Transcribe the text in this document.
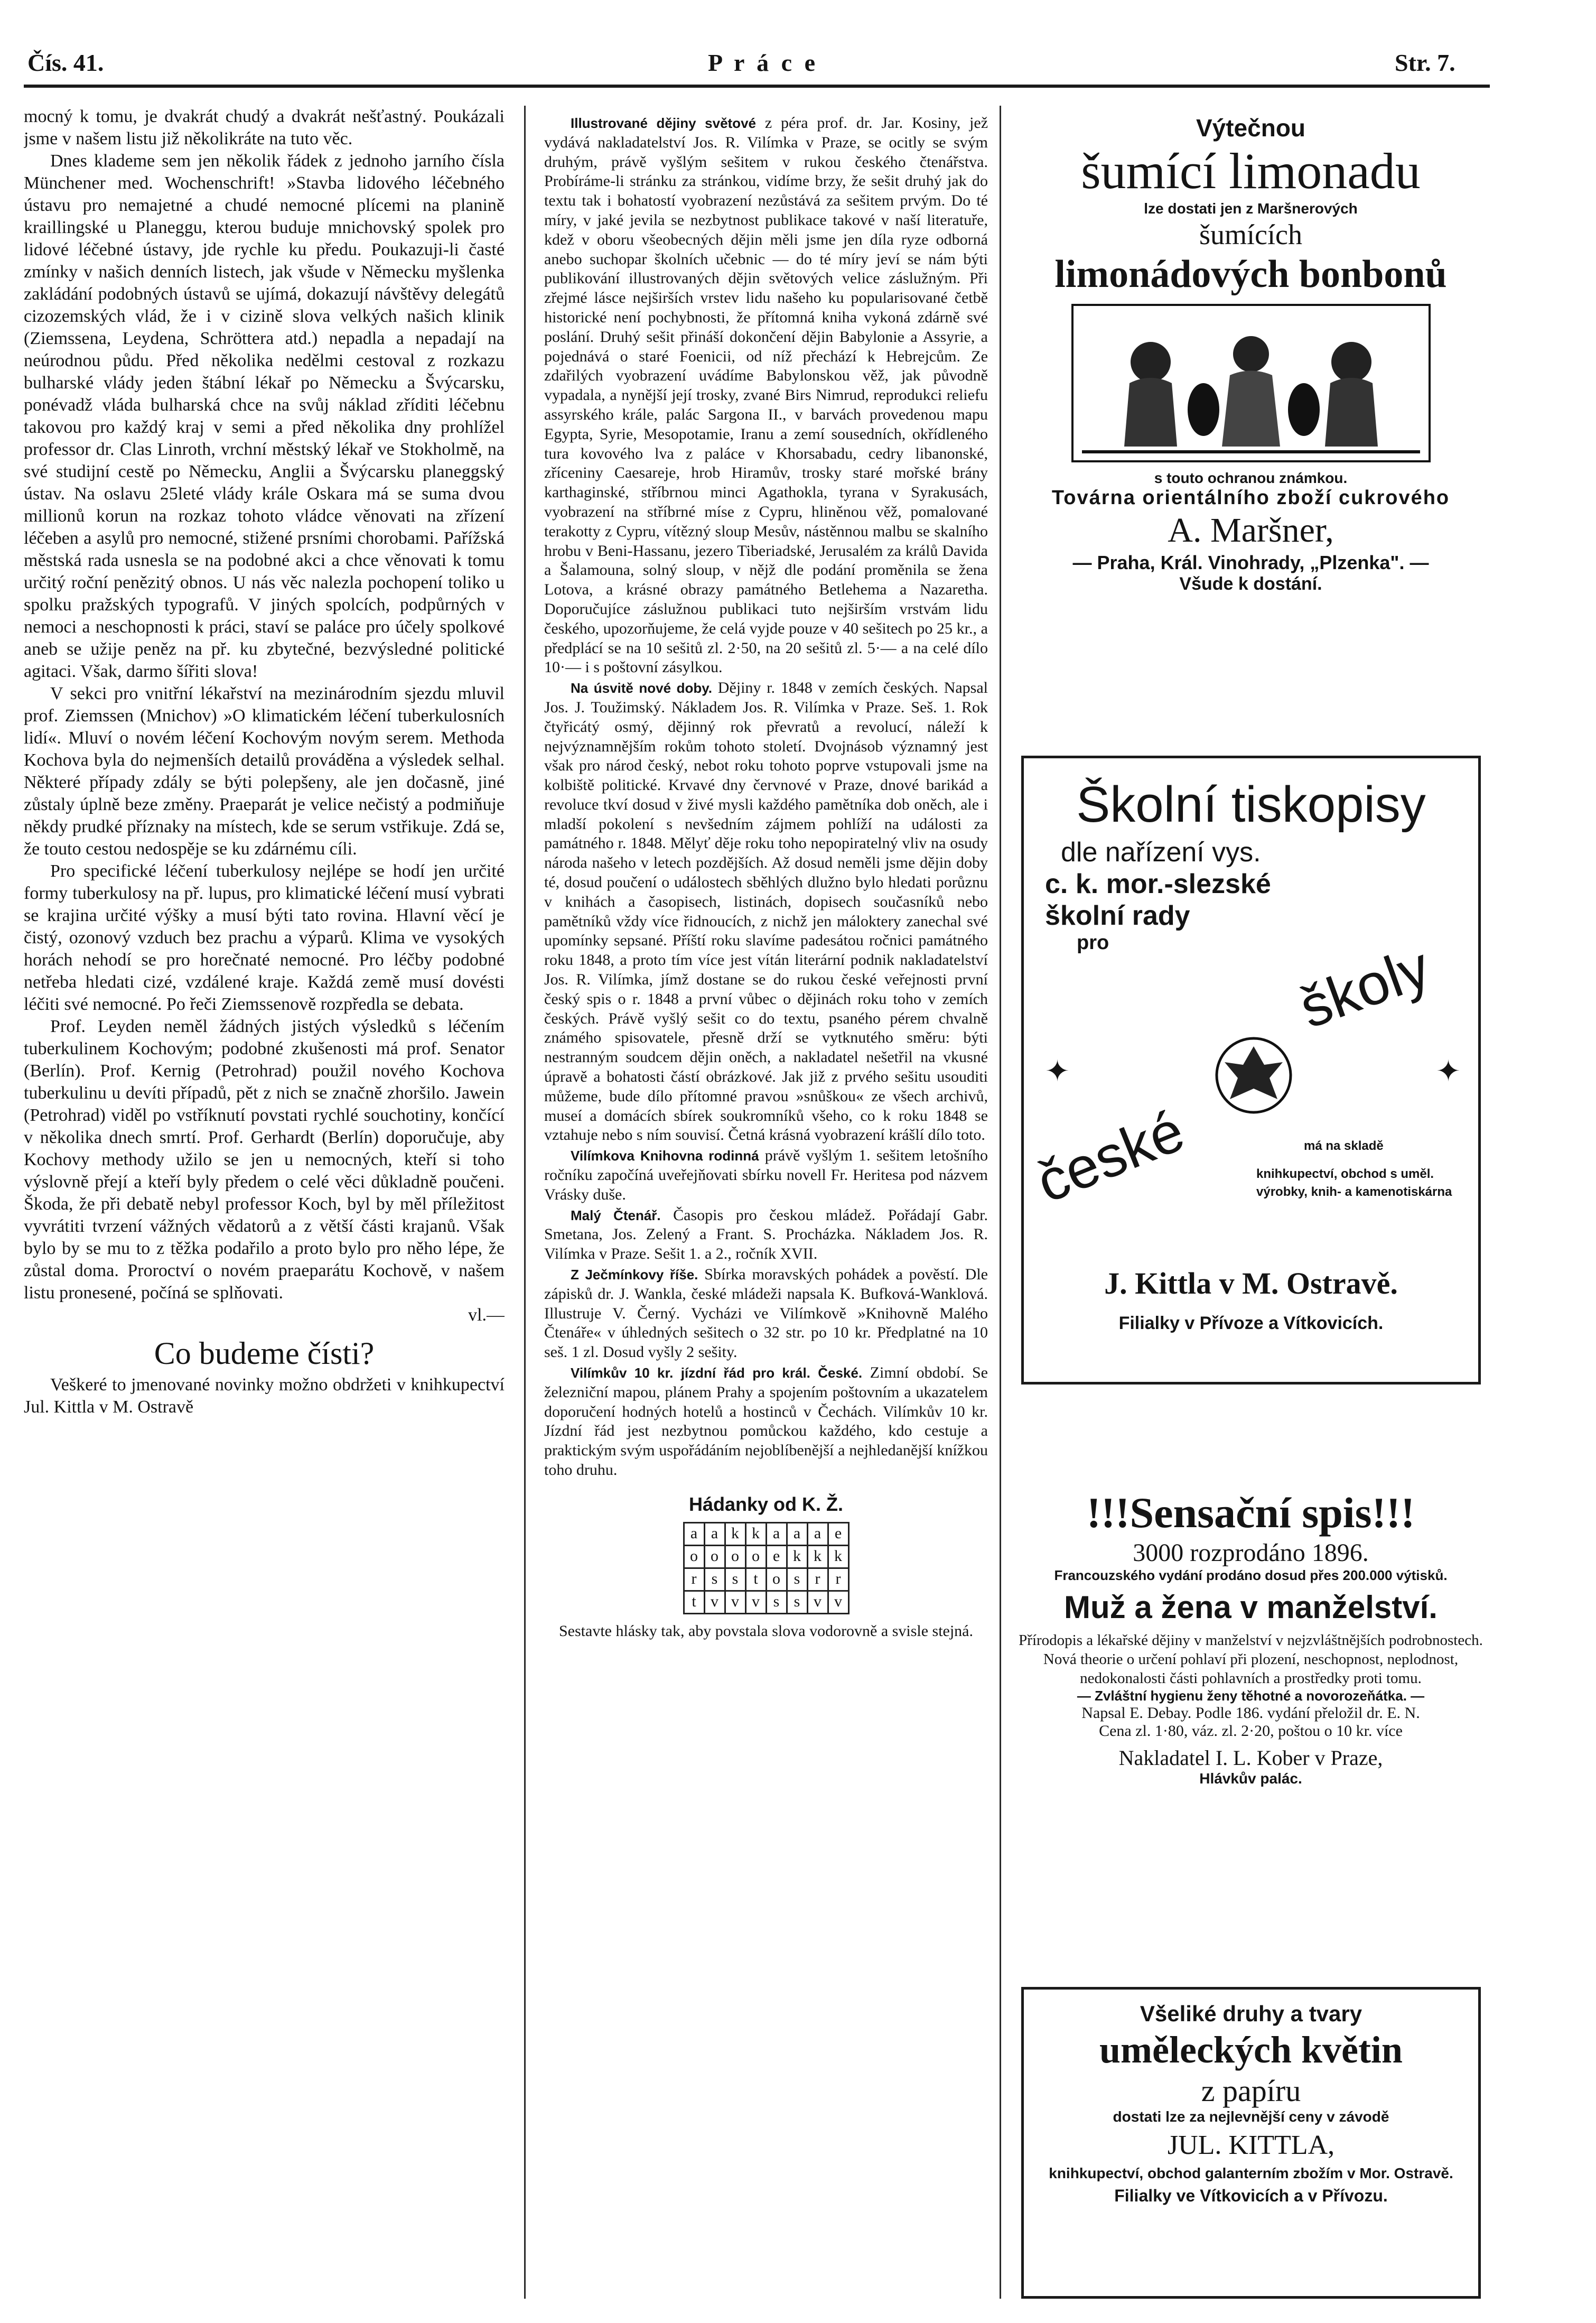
Čís. 41.	P r á c e	Str. 7.

mocný k tomu, je dvakrát chudý a dvakrát nešťastný. Poukázali jsme v našem listu již několikráte na tuto věc.

Dnes klademe sem jen několik řádek z jednoho jarního čísla Münchener med. Wochenschrift! »Stavba lidového léčebného ústavu pro nemajetné a chudé nemocné plícemi na planině kraillingské u Planeggu, kterou buduje mnichovský spolek pro lidové léčebné ústavy, jde rychle ku předu. Poukazuji-li časté zmínky v našich denních listech, jak všude v Německu myšlenka zakládání podobných ústavů se ujímá, dokazují návštěvy delegátů cizozemských vlád, že i v cizině slova velkých našich klinik (Ziemssena, Leydena, Schröttera atd.) nepadla a nepadají na neúrodnou půdu. Před několika nedělmi cestoval z rozkazu bulharské vlády jeden štábní lékař po Německu a Švýcarsku, ponévadž vláda bulharská chce na svůj náklad zříditi léčebnu takovou pro každý kraj v semi a před několika dny prohlížel professor dr. Clas Linroth, vrchní městský lékař ve Stokholmě, na své studijní cestě po Německu, Anglii a Švýcarsku planeggský ústav. Na oslavu 25leté vlády krále Oskara má se suma dvou millionů korun na rozkaz tohoto vládce věnovati na zřízení léčeben a asylů pro nemocné, stižené prsními chorobami. Pařížská městská rada usnesla se na podobné akci a chce věnovati k tomu určitý roční penězitý obnos. U nás věc nalezla pochopení toliko u spolku pražských typografů. V jiných spolcích, podpůrných v nemoci a neschopnosti k práci, staví se paláce pro účely spolkové aneb se užije peněz na př. ku zbytečné, bezvýsledné politické agitaci. Však, darmo šířiti slova!

V sekci pro vnitřní lékařství na mezinárodním sjezdu mluvil prof. Ziemssen (Mnichov) »O klimatickém léčení tuberkulosních lidí«. Mluví o novém léčení Kochovým novým serem. Methoda Kochova byla do nejmenších detailů prováděna a výsledek selhal. Některé případy zdály se býti polepšeny, ale jen dočasně, jiné zůstaly úplně beze změny. Praeparát je velice nečistý a podmiňuje někdy prudké příznaky na místech, kde se serum vstřikuje. Zdá se, že touto cestou nedospěje se ku zdárnému cíli.

Pro specifické léčení tuberkulosy nejlépe se hodí jen určité formy tuberkulosy na př. lupus, pro klimatické léčení musí vybrati se krajina určité výšky a musí býti tato rovina. Hlavní věcí je čistý, ozonový vzduch bez prachu a výparů. Klima ve vysokých horách nehodí se pro horečnaté nemocné. Pro léčby podobné netřeba hledati cizé, vzdálené kraje. Každá země musí dovésti léčiti své nemocné. Po řeči Ziemssenově rozpředla se debata.

Prof. Leyden neměl žádných jistých výsledků s léčením tuberkulinem Kochovým; podobné zkušenosti má prof. Senator (Berlín). Prof. Kernig (Petrohrad) použil nového Kochova tuberkulinu u devíti případů, pět z nich se značně zhoršilo. Jawein (Petrohrad) viděl po vstříknutí povstati rychlé souchotiny, končící v několika dnech smrtí. Prof. Gerhardt (Berlín) doporučuje, aby Kochovy methody užilo se jen u nemocných, kteří si toho výslovně přejí a kteří byly předem o celé věci důkladně poučeni. Škoda, že při debatě nebyl professor Koch, byl by měl příležitost vyvrátiti tvrzení vážných vědatorů a z větší části krajanů. Však bylo by se mu to z těžka podařilo a proto bylo pro něho lépe, že zůstal doma. Proroctví o novém praeparátu Kochově, v našem listu pronesené, počíná se splňovati.

vl.—
Co budeme čísti?

Veškeré to jmenované novinky možno obdržeti v knihkupectví Jul. Kittla v M. Ostravě

Illustrované dějiny světové z péra prof. dr. Jar. Kosiny, jež vydává nakladatelství Jos. R. Vilímka v Praze, se ocitly se svým druhým, právě vyšlým sešitem v rukou českého čtenářstva. Probíráme-li stránku za stránkou, vidíme brzy, že sešit druhý jak do textu tak i bohatostí vyobrazení nezůstává za sešitem prvým. Do té míry, v jaké jevila se nezbytnost publikace takové v naší literatuře, kdež v oboru všeobecných dějin měli jsme jen díla ryze odborná anebo suchopar školních učebnic — do té míry jeví se nám býti publikování illustrovaných dějin světových velice záslužným. Při zřejmé lásce nejširších vrstev lidu našeho ku popularisované četbě historické není pochybnosti, že přítomná kniha vykoná zdárně své poslání. Druhý sešit přináší dokončení dějin Babylonie a Assyrie, a pojednává o staré Foenicii, od níž přechází k Hebrejcům. Ze zdařilých vyobrazení uvádíme Babylonskou věž, jak původně vypadala, a nynější její trosky, zvané Birs Nimrud, reprodukci reliefu assyrského krále, palác Sargona II., v barvách provedenou mapu Egypta, Syrie, Mesopotamie, Iranu a zemí sousedních, okřídleného tura kovového lva z paláce v Khorsabadu, cedry libanonské, zříceniny Caesareje, hrob Hiramův, trosky staré mořské brány karthaginské, stříbrnou minci Agathokla, tyrana v Syrakusách, vyobrazení na stříbrné míse z Cypru, hliněnou věž, pomalované terakotty z Cypru, vítězný sloup Mesův, nástěnnou malbu se skalního hrobu v Beni-Hassanu, jezero Tiberiadské, Jerusalém za králů Davida a Šalamouna, solný sloup, v nějž dle podání proměnila se žena Lotova, a krásné obrazy památného Betlehema a Nazaretha. Doporučujíce záslužnou publikaci tuto nejširším vrstvám lidu českého, upozorňujeme, že celá vyjde pouze v 40 sešitech po 25 kr., a předplácí se na 10 sešitů zl. 2·50, na 20 sešitů zl. 5·— a na celé dílo 10·— i s poštovní zásylkou.

Na úsvitě nové doby. Dějiny r. 1848 v zemích českých. Napsal Jos. J. Toužimský. Nákladem Jos. R. Vilímka v Praze. Seš. 1. Rok čtyřicátý osmý, dějinný rok převratů a revolucí, náleží k nejvýznamnějším rokům tohoto století. Dvojnásob významný jest však pro národ český, nebot roku tohoto poprve vstupovali jsme na kolbiště politické. Krvavé dny červnové v Praze, dnové barikád a revoluce tkví dosud v živé mysli každého pamětníka dob oněch, ale i mladší pokolení s nevšedním zájmem pohlíží na události za památného r. 1848. Mělyť děje roku toho nepopiratelný vliv na osudy národa našeho v letech pozdějších. Až dosud neměli jsme dějin doby té, dosud poučení o událostech sběhlých dlužno bylo hledati porůznu v knihách a časopisech, listinách, dopisech současníků nebo pamětníků vždy více řidnoucích, z nichž jen máloktery zanechal své upomínky sepsané. Příští roku slavíme padesátou ročnici památného roku 1848, a proto tím více jest vítán literární podnik nakladatelství Jos. R. Vilímka, jímž dostane se do rukou české veřejnosti první český spis o r. 1848 a první vůbec o dějinách roku toho v zemích českých. Právě vyšlý sešit co do textu, psaného pérem chvalně známého spisovatele, přesně drží se vytknutého směru: býti nestranným soudcem dějin oněch, a nakladatel nešetřil na vkusné úpravě a bohatosti částí obrázkové. Jak již z prvého sešitu usouditi můžeme, bude dílo přítomné pravou »snůškou« ze všech archivů, museí a domácích sbírek soukromníků všeho, co k roku 1848 se vztahuje nebo s ním souvisí. Četná krásná vyobrazení krášlí dílo toto.

Vilímkova Knihovna rodinná právě vyšlým 1. sešitem letošního ročníku započíná uveřejňovati sbírku novell Fr. Heritesa pod názvem Vrásky duše.

Malý Čtenář. Časopis pro českou mládež. Pořádají Gabr. Smetana, Jos. Zelený a Frant. S. Procházka. Nákladem Jos. R. Vilímka v Praze. Sešit 1. a 2., ročník XVII.

Z Ječmínkovy říše. Sbírka moravských pohádek a pověstí. Dle zápisků dr. J. Wankla, české mládeži napsala K. Bufková-Wanklová. Illustruje V. Černý. Vycházi ve Vilímkově »Knihovně Malého Čtenáře« v úhledných sešitech o 32 str. po 10 kr. Předplatné na 10 seš. 1 zl. Dosud vyšly 2 sešity.

Vilímkův 10 kr. jízdní řád pro král. České. Zimní období. Se železniční mapou, plánem Prahy a spojením poštovním a ukazatelem doporučení hodných hotelů a hostinců v Čechách. Vilímkův 10 kr. Jízdní řád jest nezbytnou pomůckou každého, kdo cestuje a praktickým svým uspořádáním nejoblíbenější a nejhledanější knížkou toho druhu.

Hádanky od K. Ž.
a	a	k	k	a	a	a	e
o	o	o	o	e	k	k	k
r	s	s	t	o	s	r	r
t	v	v	v	s	s	v	v
Sestavte hlásky tak, aby povstala slova vodorovně a svisle stejná.
Výtečnou
šumící limonadu
lze dostati jen z Maršnerových
šumících
limonádových bonbonů
s touto ochranou známkou.
Továrna orientálního zboží cukrového
A. Maršner,
— Praha, Král. Vinohrady, „Plzenka". —
Všude k dostání.
Školní tiskopisy
dle nařízení vys.
c. k. mor.-slezské
školní rady
pro	školy
české
✦	✦
má na skladě
knihkupectví, obchod s uměl. výrobky, knih- a kamenotiskárna
J. Kittla v M. Ostravě.
Filialky v Přívoze a Vítkovicích.
!!!Sensační spis!!!
3000 rozprodáno 1896.
Francouzského vydání prodáno dosud přes 200.000 výtisků.
Muž a žena v manželství.
Přírodopis a lékařské dějiny v manželství v nejzvláštnějších podrobnostech.
Nová theorie o určení pohlaví při plození, neschopnost, neplodnost, nedokonalosti části pohlavních a prostředky proti tomu.
— Zvláštní hygienu ženy těhotné a novorozeňátka. —
Napsal E. Debay. Podle 186. vydání přeložil dr. E. N.
Cena zl. 1·80, váz. zl. 2·20, poštou o 10 kr. více
Nakladatel I. L. Kober v Praze,
Hlávkův palác.
Všeliké druhy a tvary
uměleckých květin
z papíru
dostati lze za nejlevnější ceny v závodě
JUL. KITTLA,
knihkupectví, obchod galanterním zbožím v Mor. Ostravě.
Filialky ve Vítkovicích a v Přívozu.
